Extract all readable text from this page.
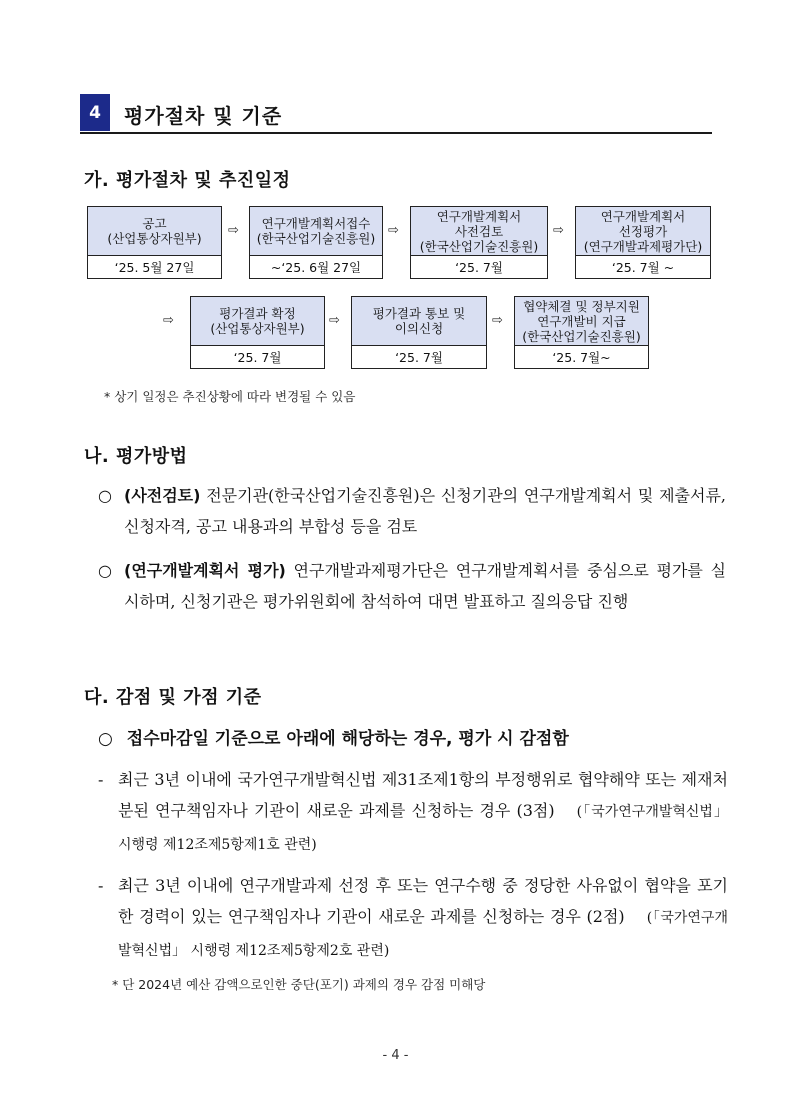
4	평가절차 및 기준
가. 평가절차 및 추진일정
공고
(산업통상자원부)
‘25. 5월 27일
⇨ 연구개발계획서접수
(한국산업기술진흥원)
~‘25. 6월 27일
⇨
연구개발계획서
사전검토
(한국산업기술진흥원)
‘25. 7월
⇨
연구개발계획서
선정평가
(연구개발과제평가단)
‘25. 7월 ~
⇨	평가결과 확정
(산업통상자원부)
‘25. 7월
⇨	평가결과 통보 및
이의신청
‘25. 7월
⇨
협약체결 및 정부지원
연구개발비 지급
(한국산업기술진흥원)
‘25. 7월~
* 상기 일정은 추진상황에 따라 변경될 수 있음
나. 평가방법
○ (사전검토) 전문기관(한국산업기술진흥원)은 신청기관의 연구개발계획서 및 제출서류, 신청자격, 공고 내용과의 부합성 등을 검토
○ (연구개발계획서 평가) 연구개발과제평가단은 연구개발계획서를 중심으로 평가를 실시하며, 신청기관은 평가위원회에 참석하여 대면 발표하고 질의응답 진행
다. 감점 및 가점 기준
○ 접수마감일 기준으로 아래에 해당하는 경우, 평가 시 감점함
- 최근 3년 이내에 국가연구개발혁신법 제31조제1항의 부정행위로 협약해약 또는 제재처분된 연구책임자나 기관이 새로운 과제를 신청하는 경우 (3점) (「국가연구개발혁신법」 시행령 제12조제5항제1호 관련)
- 최근 3년 이내에 연구개발과제 선정 후 또는 연구수행 중 정당한 사유없이 협약을 포기한 경력이 있는 연구책임자나 기관이 새로운 과제를 신청하는 경우 (2점) (「국가연구개발혁신법」 시행령 제12조제5항제2호 관련)
* 단 2024년 예산 감액으로인한 중단(포기) 과제의 경우 감점 미해당
- 4 -
